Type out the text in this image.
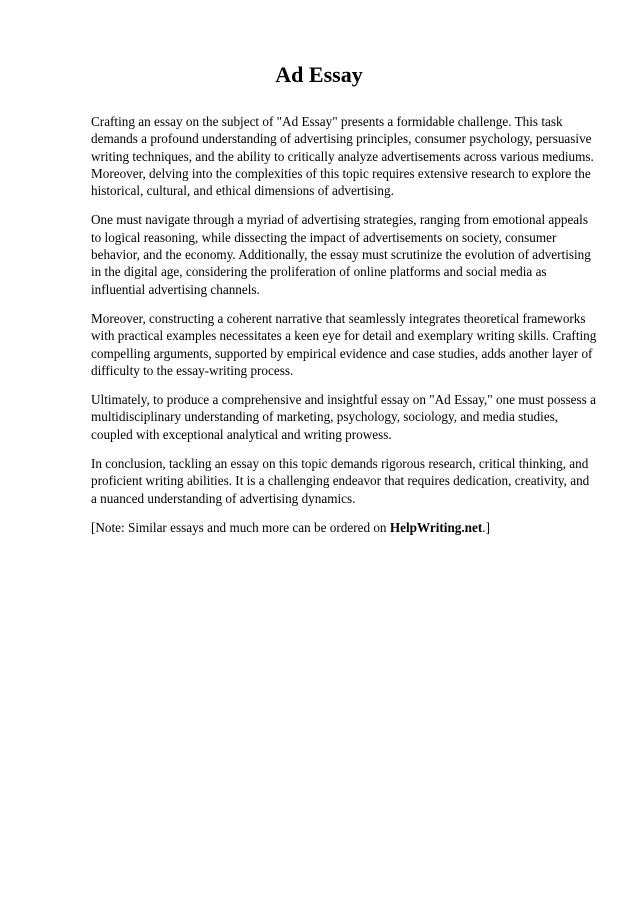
Ad Essay

Crafting an essay on the subject of "Ad Essay" presents a formidable challenge. This task demands a profound understanding of advertising principles, consumer psychology, persuasive writing techniques, and the ability to critically analyze advertisements across various mediums. Moreover, delving into the complexities of this topic requires extensive research to explore the historical, cultural, and ethical dimensions of advertising.

One must navigate through a myriad of advertising strategies, ranging from emotional appeals to logical reasoning, while dissecting the impact of advertisements on society, consumer behavior, and the economy. Additionally, the essay must scrutinize the evolution of advertising in the digital age, considering the proliferation of online platforms and social media as influential advertising channels.

Moreover, constructing a coherent narrative that seamlessly integrates theoretical frameworks with practical examples necessitates a keen eye for detail and exemplary writing skills. Crafting compelling arguments, supported by empirical evidence and case studies, adds another layer of difficulty to the essay-writing process.

Ultimately, to produce a comprehensive and insightful essay on "Ad Essay," one must possess a multidisciplinary understanding of marketing, psychology, sociology, and media studies, coupled with exceptional analytical and writing prowess.

In conclusion, tackling an essay on this topic demands rigorous research, critical thinking, and proficient writing abilities. It is a challenging endeavor that requires dedication, creativity, and a nuanced understanding of advertising dynamics.

[Note: Similar essays and much more can be ordered on HelpWriting.net.]
